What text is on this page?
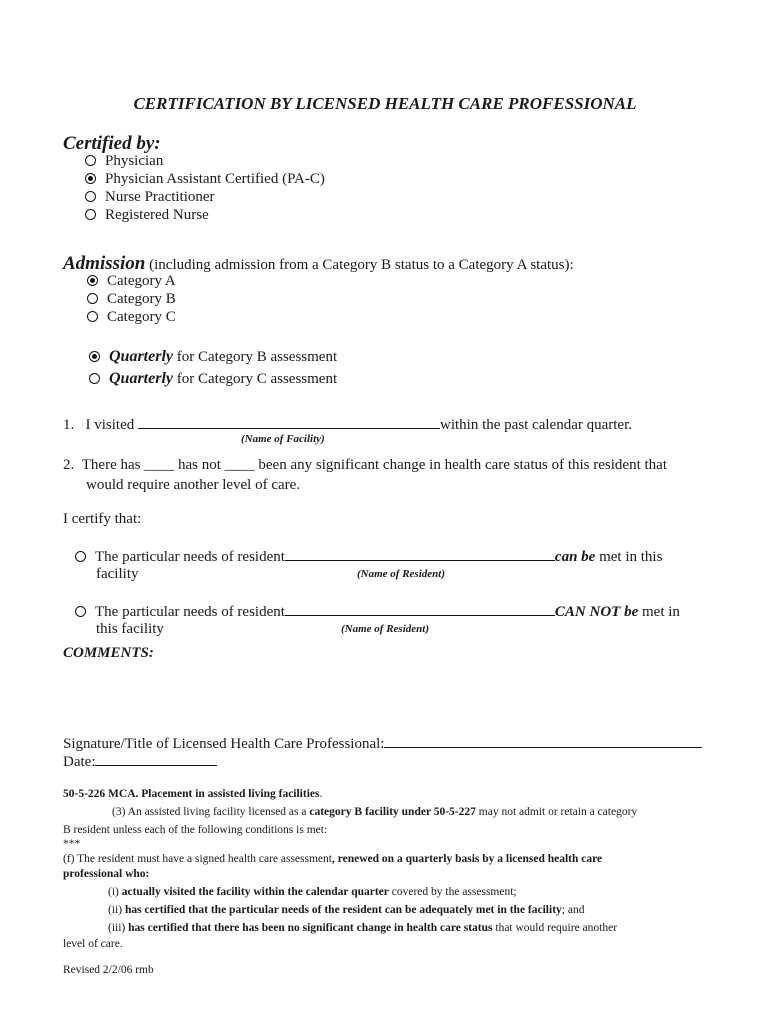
CERTIFICATION BY LICENSED HEALTH CARE PROFESSIONAL
Certified by:
Physician
Physician Assistant Certified (PA-C)
Nurse Practitioner
Registered Nurse
Admission (including admission from a Category B status to a Category A status):
Category A
Category B
Category C
Quarterly for Category B assessment
Quarterly for Category C assessment
1. I visited	within the past calendar quarter.
(Name of Facility)
2. There has ____ has not ____ been any significant change in health care status of this resident that
would require another level of care.
I certify that:
The particular needs of resident	can be met in this
facility	(Name of Resident)
The particular needs of resident	CAN NOT be met in
this facility	(Name of Resident)
COMMENTS:
Signature/Title of Licensed Health Care Professional:
Date:
50-5-226 MCA. Placement in assisted living facilities.
(3) An assisted living facility licensed as a category B facility under 50-5-227 may not admit or retain a category
B resident unless each of the following conditions is met:
***
(f) The resident must have a signed health care assessment, renewed on a quarterly basis by a licensed health care
professional who:
(i) actually visited the facility within the calendar quarter covered by the assessment;
(ii) has certified that the particular needs of the resident can be adequately met in the facility; and
(iii) has certified that there has been no significant change in health care status that would require another
level of care.
Revised 2/2/06 rmb
